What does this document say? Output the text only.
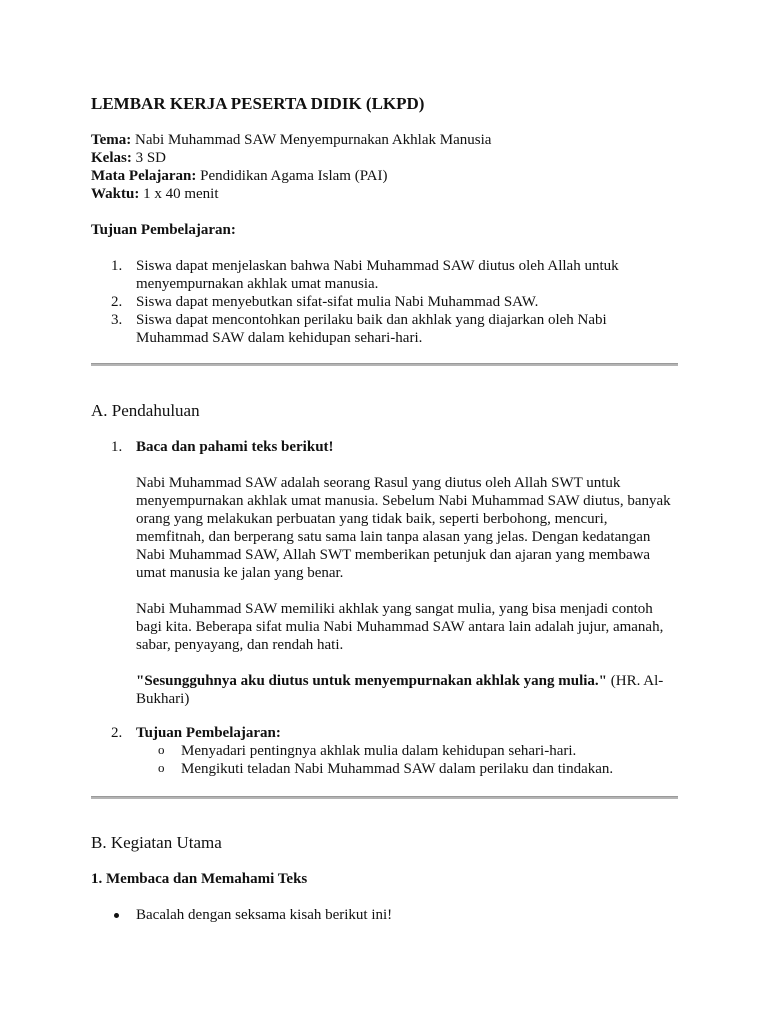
LEMBAR KERJA PESERTA DIDIK (LKPD)
Tema: Nabi Muhammad SAW Menyempurnakan Akhlak Manusia
Kelas: 3 SD
Mata Pelajaran: Pendidikan Agama Islam (PAI)
Waktu: 1 x 40 menit
Tujuan Pembelajaran:
1. Siswa dapat menjelaskan bahwa Nabi Muhammad SAW diutus oleh Allah untuk
menyempurnakan akhlak umat manusia.
2. Siswa dapat menyebutkan sifat-sifat mulia Nabi Muhammad SAW.
3. Siswa dapat mencontohkan perilaku baik dan akhlak yang diajarkan oleh Nabi
Muhammad SAW dalam kehidupan sehari-hari.
A. Pendahuluan
1. Baca dan pahami teks berikut!
Nabi Muhammad SAW adalah seorang Rasul yang diutus oleh Allah SWT untuk
menyempurnakan akhlak umat manusia. Sebelum Nabi Muhammad SAW diutus, banyak
orang yang melakukan perbuatan yang tidak baik, seperti berbohong, mencuri,
memfitnah, dan berperang satu sama lain tanpa alasan yang jelas. Dengan kedatangan
Nabi Muhammad SAW, Allah SWT memberikan petunjuk dan ajaran yang membawa
umat manusia ke jalan yang benar.
Nabi Muhammad SAW memiliki akhlak yang sangat mulia, yang bisa menjadi contoh
bagi kita. Beberapa sifat mulia Nabi Muhammad SAW antara lain adalah jujur, amanah,
sabar, penyayang, dan rendah hati.
"Sesungguhnya aku diutus untuk menyempurnakan akhlak yang mulia." (HR. Al-
Bukhari)
2. Tujuan Pembelajaran:
o Menyadari pentingnya akhlak mulia dalam kehidupan sehari-hari.
o Mengikuti teladan Nabi Muhammad SAW dalam perilaku dan tindakan.
B. Kegiatan Utama
1. Membaca dan Memahami Teks
Bacalah dengan seksama kisah berikut ini!
